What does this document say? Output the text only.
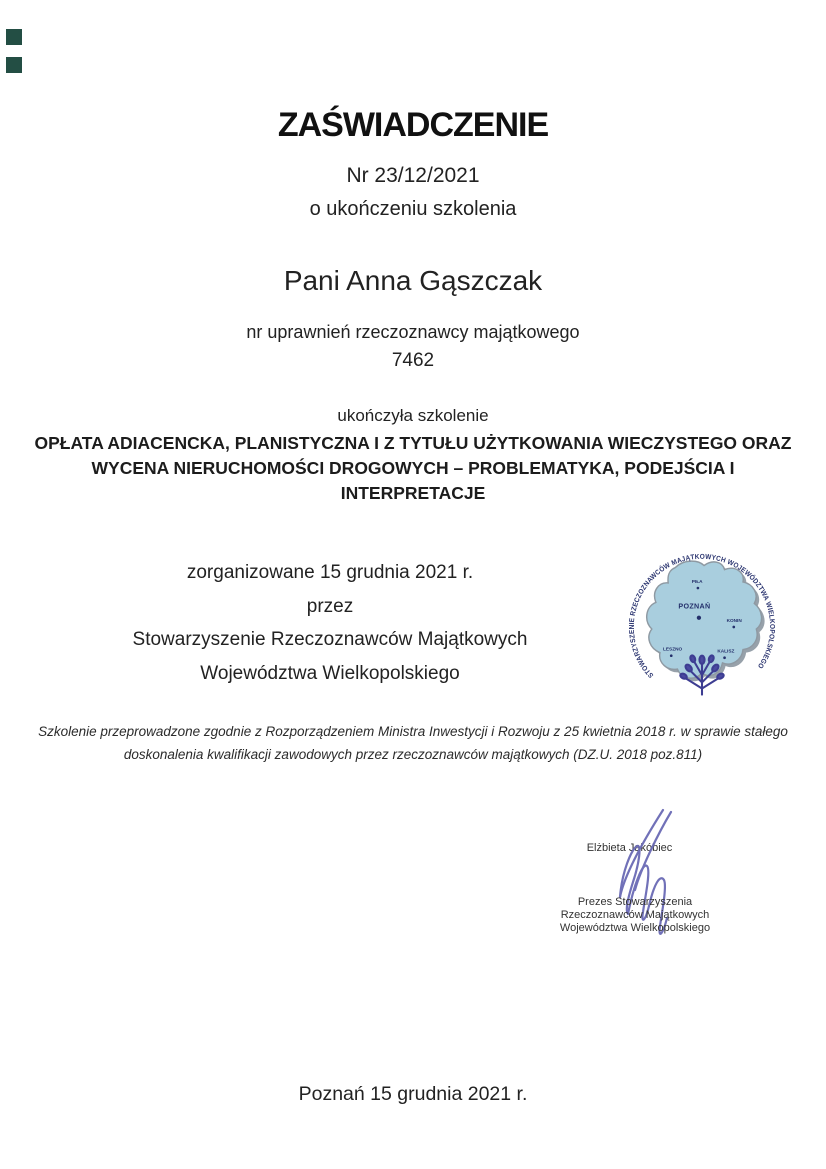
ZAŚWIADCZENIE
Nr 23/12/2021
o ukończeniu szkolenia
Pani Anna Gąszczak
nr uprawnień rzeczoznawcy majątkowego
7462
ukończyła szkolenie
OPŁATA ADIACENCKA, PLANISTYCZNA I Z TYTUŁU UŻYTKOWANIA WIECZYSTEGO ORAZ
WYCENA NIERUCHOMOŚCI DROGOWYCH – PROBLEMATYKA, PODEJŚCIA I
INTERPRETACJE
zorganizowane 15 grudnia 2021 r.
przez
Stowarzyszenie Rzeczoznawców Majątkowych
Województwa Wielkopolskiego	STOWARZYSZENIE RZECZOZNAWCÓW MAJĄTKOWYCH WOJEWÓDZTWA WIELKOPOLSKIEGO
POZNAŃ
PIŁA
KONIN
LESZNO	KALISZ
Szkolenie przeprowadzone zgodnie z Rozporządzeniem Ministra Inwestycji i Rozwoju z 25 kwietnia 2018 r. w sprawie stałego
doskonalenia kwalifikacji zawodowych przez rzeczoznawców majątkowych (DZ.U. 2018 poz.811)
Elżbieta Jakóbiec
Prezes Stowarzyszenia
Rzeczoznawców Majątkowych
Województwa Wielkopolskiego
Poznań 15 grudnia 2021 r.
